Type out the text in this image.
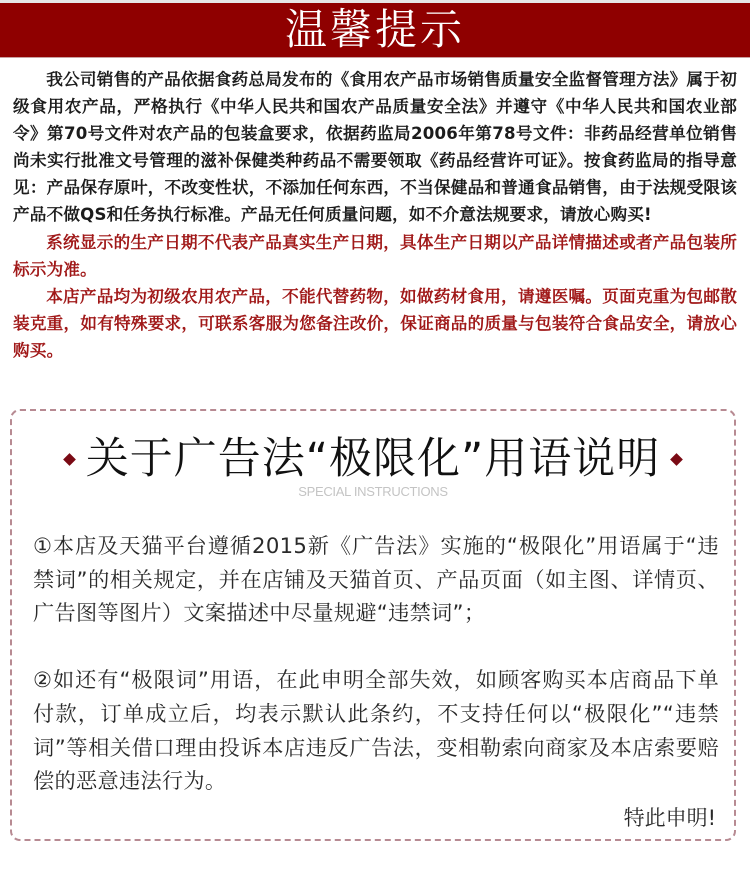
温馨提示

我公司销售的产品依据食药总局发布的《食用农产品市场销售质量安全监督管理方法》属于初级食用农产品，严格执行《中华人民共和国农产品质量安全法》并遵守《中华人民共和国农业部令》第70号文件对农产品的包装盒要求，依据药监局2006年第78号文件：非药品经营单位销售尚未实行批准文号管理的滋补保健类种药品不需要领取《药品经营许可证》。按食药监局的指导意见：产品保存原叶，不改变性状，不添加任何东西，不当保健品和普通食品销售，由于法规受限该产品不做QS和任务执行标准。产品无任何质量问题，如不介意法规要求，请放心购买!

系统显示的生产日期不代表产品真实生产日期，具体生产日期以产品详情描述或者产品包装所标示为准。

本店产品均为初级农用农产品，不能代替药物，如做药材食用，请遵医嘱。页面克重为包邮散装克重，如有特殊要求，可联系客服为您备注改价，保证商品的质量与包装符合食品安全，请放心购买。

关于广告法“极限化”用语说明
SPECIAL INSTRUCTIONS

①本店及天猫平台遵循2015新《广告法》实施的“极限化”用语属于“违禁词”的相关规定，并在店铺及天猫首页、产品页面（如主图、详情页、广告图等图片）文案描述中尽量规避“违禁词”；

②如还有“极限词”用语，在此申明全部失效，如顾客购买本店商品下单付款，订单成立后，均表示默认此条约，不支持任何以“极限化”“违禁词”等相关借口理由投诉本店违反广告法，变相勒索向商家及本店索要赔偿的恶意违法行为。

特此申明!
